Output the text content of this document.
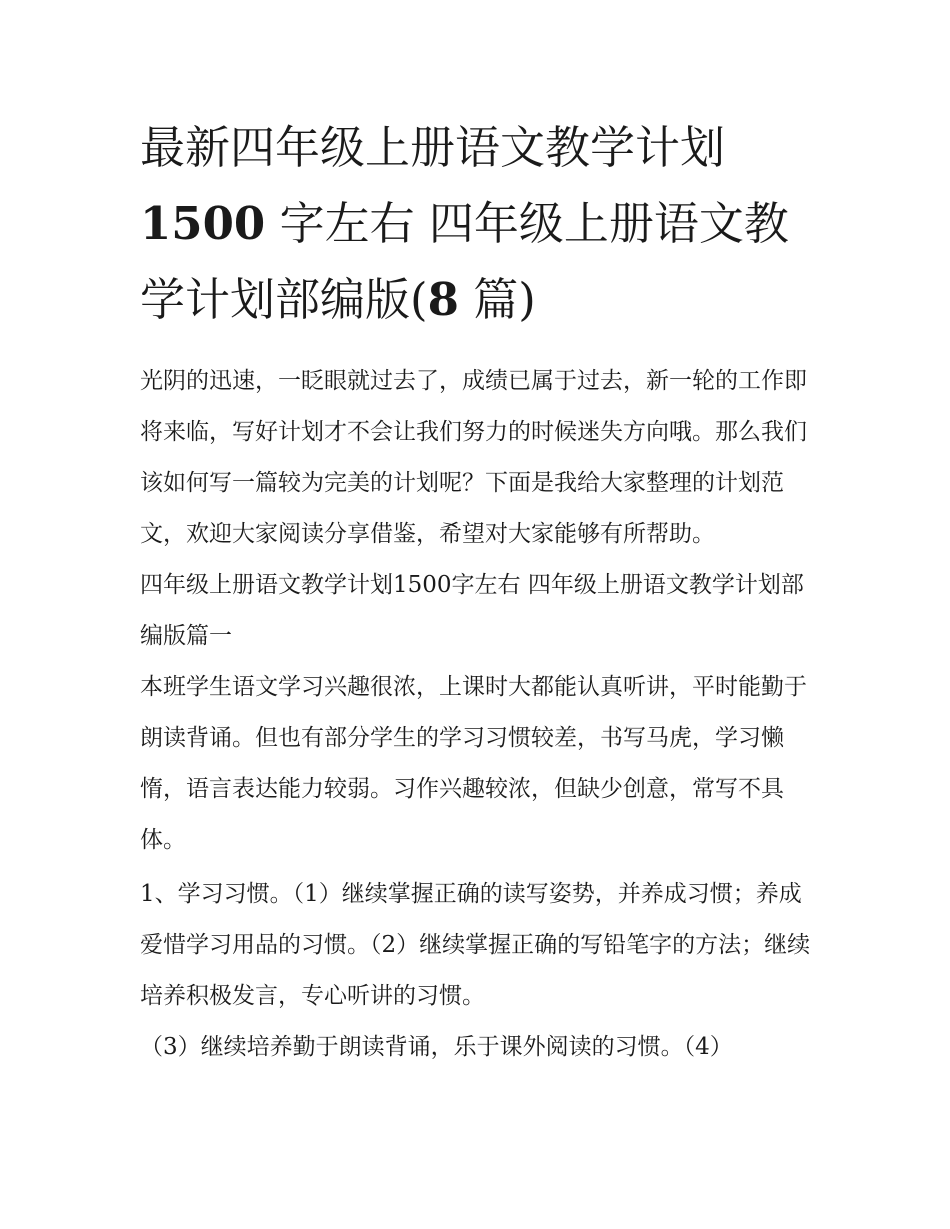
最新四年级上册语文教学计划
1500 字左右 四年级上册语文教学计划部编版(8 篇)

光阴的迅速，一眨眼就过去了，成绩已属于过去，新一轮的工作即将来临，写好计划才不会让我们努力的时候迷失方向哦。那么我们该如何写一篇较为完美的计划呢？下面是我给大家整理的计划范文，欢迎大家阅读分享借鉴，希望对大家能够有所帮助。

四年级上册语文教学计划1500字左右 四年级上册语文教学计划部编版篇一

本班学生语文学习兴趣很浓，上课时大都能认真听讲，平时能勤于朗读背诵。但也有部分学生的学习习惯较差，书写马虎，学习懒惰，语言表达能力较弱。习作兴趣较浓，但缺少创意，常写不具体。

1、学习习惯。（1）继续掌握正确的读写姿势，并养成习惯；养成爱惜学习用品的习惯。（2）继续掌握正确的写铅笔字的方法；继续培养积极发言，专心听讲的习惯。

（3）继续培养勤于朗读背诵，乐于课外阅读的习惯。（4）
